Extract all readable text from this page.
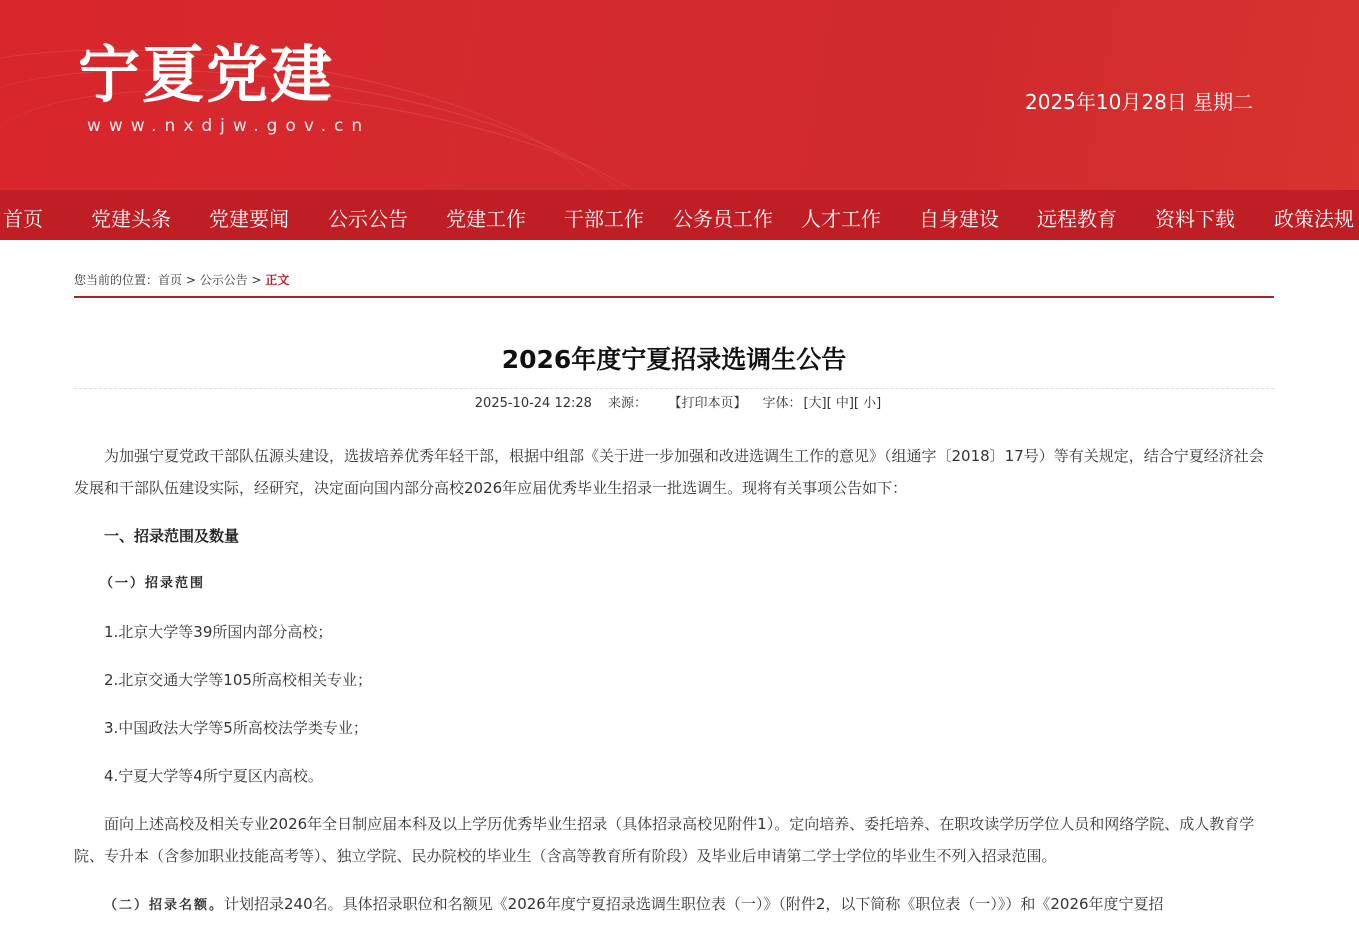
宁夏党建
www.nxdjw.gov.cn
2025年10月28日 星期二
首页 党建头条 党建要闻 公示公告 党建工作 干部工作 公务员工作 人才工作 自身建设 远程教育 资料下载 政策法规
您当前的位置：首页 > 公示公告 > 正文
2026年度宁夏招录选调生公告
2025-10-24 12:28 来源： 【打印本页】 字体： [大][ 中][ 小]

为加强宁夏党政干部队伍源头建设，选拔培养优秀年轻干部，根据中组部《关于进一步加强和改进选调生工作的意见》（组通字〔2018〕17号）等有关规定，结合宁夏经济社会发展和干部队伍建设实际，经研究，决定面向国内部分高校2026年应届优秀毕业生招录一批选调生。现将有关事项公告如下：

一、招录范围及数量

（一）招录范围

1.北京大学等39所国内部分高校；

2.北京交通大学等105所高校相关专业；

3.中国政法大学等5所高校法学类专业；

4.宁夏大学等4所宁夏区内高校。

面向上述高校及相关专业2026年全日制应届本科及以上学历优秀毕业生招录（具体招录高校见附件1）。定向培养、委托培养、在职攻读学历学位人员和网络学院、成人教育学院、专升本（含参加职业技能高考等）、独立学院、民办院校的毕业生（含高等教育所有阶段）及毕业后申请第二学士学位的毕业生不列入招录范围。

（二）招录名额。计划招录240名。具体招录职位和名额见《2026年度宁夏招录选调生职位表（一）》（附件2，以下简称《职位表（一）》）和《2026年度宁夏招
